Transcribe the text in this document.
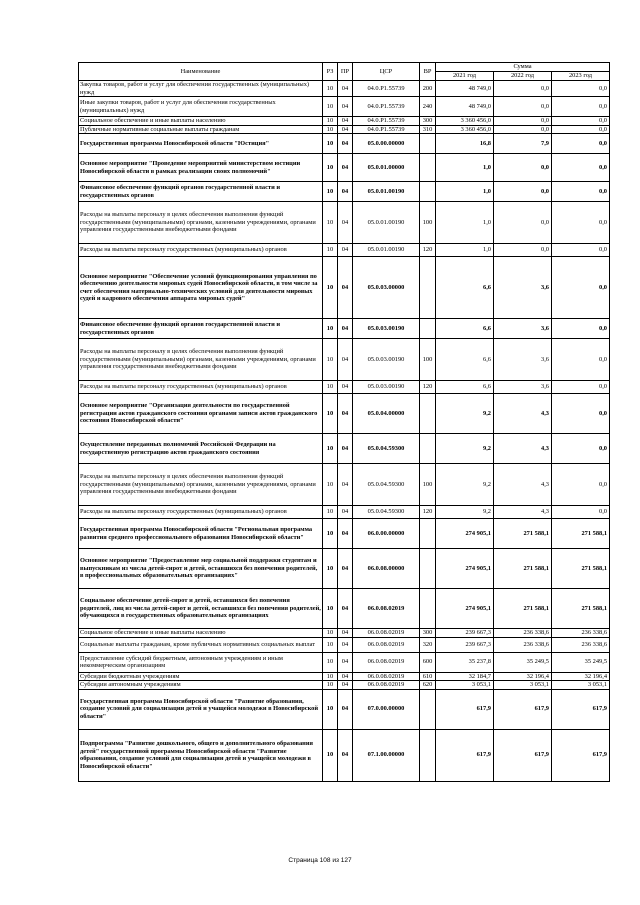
Наименование	РЗ	ПР	ЦСР	ВР	Сумма		
					2021 год	2022 год	2023 год
Закупка товаров, работ и услуг для обеспечения государственных (муниципальных) нужд	10	04	04.0.P1.55739	200	48 749,0	0,0	0,0
Иные закупки товаров, работ и услуг для обеспечения государственных (муниципальных) нужд	10	04	04.0.P1.55739	240	48 749,0	0,0	0,0
Социальное обеспечение и иные выплаты населению	10	04	04.0.P1.55739	300	3 360 456,0	0,0	0,0
Публичные нормативные социальные выплаты гражданам	10	04	04.0.P1.55739	310	3 360 456,0	0,0	0,0
Государственная программа Новосибирской области "Юстиция"	10	04	05.0.00.00000		16,8	7,9	0,0
Основное мероприятие "Проведение мероприятий министерством юстиции Новосибирской области в рамках реализации своих полномочий"	10	04	05.0.01.00000		1,0	0,0	0,0
Финансовое обеспечение функций органов государственной власти и государственных органов	10	04	05.0.01.00190		1,0	0,0	0,0
Расходы на выплаты персоналу в целях обеспечения выполнения функций государственными (муниципальными) органами, казенными учреждениями, органами управления государственными внебюджетными фондами	10	04	05.0.01.00190	100	1,0	0,0	0,0
Расходы на выплаты персоналу государственных (муниципальных) органов	10	04	05.0.01.00190	120	1,0	0,0	0,0
Основное мероприятие "Обеспечение условий функционирования управления по обеспечению деятельности мировых судей Новосибирской области, в том числе за счет обеспечения материально-технических условий для деятельности мировых судей и кадрового обеспечения аппарата мировых судей"	10	04	05.0.03.00000		6,6	3,6	0,0
Финансовое обеспечение функций органов государственной власти и государственных органов	10	04	05.0.03.00190		6,6	3,6	0,0
Расходы на выплаты персоналу в целях обеспечения выполнения функций государственными (муниципальными) органами, казенными учреждениями, органами управления государственными внебюджетными фондами	10	04	05.0.03.00190	100	6,6	3,6	0,0
Расходы на выплаты персоналу государственных (муниципальных) органов	10	04	05.0.03.00190	120	6,6	3,6	0,0
Основное мероприятие "Организация деятельности по государственной регистрации актов гражданского состояния органами записи актов гражданского состояния Новосибирской области"	10	04	05.0.04.00000		9,2	4,3	0,0
Осуществление переданных полномочий Российской Федерации на государственную регистрацию актов гражданского состояния	10	04	05.0.04.59300		9,2	4,3	0,0
Расходы на выплаты персоналу в целях обеспечения выполнения функций государственными (муниципальными) органами, казенными учреждениями, органами управления государственными внебюджетными фондами	10	04	05.0.04.59300	100	9,2	4,3	0,0
Расходы на выплаты персоналу государственных (муниципальных) органов	10	04	05.0.04.59300	120	9,2	4,3	0,0
Государственная программа Новосибирской области "Региональная программа развития среднего профессионального образования Новосибирской области"	10	04	06.0.00.00000		274 905,1	271 588,1	271 588,1
Основное мероприятие "Предоставление мер социальной поддержки студентам и выпускникам из числа детей-сирот и детей, оставшихся без попечения родителей, в профессиональных образовательных организациях"	10	04	06.0.08.00000		274 905,1	271 588,1	271 588,1
Социальное обеспечение детей-сирот и детей, оставшихся без попечения родителей, лиц из числа детей-сирот и детей, оставшихся без попечения родителей, обучающихся в государственных образовательных организациях	10	04	06.0.08.02019		274 905,1	271 588,1	271 588,1
Социальное обеспечение и иные выплаты населению	10	04	06.0.08.02019	300	239 667,3	236 338,6	236 338,6
Социальные выплаты гражданам, кроме публичных нормативных социальных выплат	10	04	06.0.08.02019	320	239 667,3	236 338,6	236 338,6
Предоставление субсидий бюджетным, автономным учреждениям и иным некоммерческим организациям	10	04	06.0.08.02019	600	35 237,8	35 249,5	35 249,5
Субсидии бюджетным учреждениям	10	04	06.0.08.02019	610	32 184,7	32 196,4	32 196,4
Субсидии автономным учреждениям	10	04	06.0.08.02019	620	3 053,1	3 053,1	3 053,1
Государственная программа Новосибирской области "Развитие образования, создание условий для социализации детей и учащейся молодежи в Новосибирской области"	10	04	07.0.00.00000		617,9	617,9	617,9
Подпрограмма "Развитие дошкольного, общего и дополнительного образования детей" государственной программы Новосибирской области "Развитие образования, создание условий для социализации детей и учащейся молодежи в Новосибирской области"	10	04	07.1.00.00000		617,9	617,9	617,9
Страница 108 из 127
